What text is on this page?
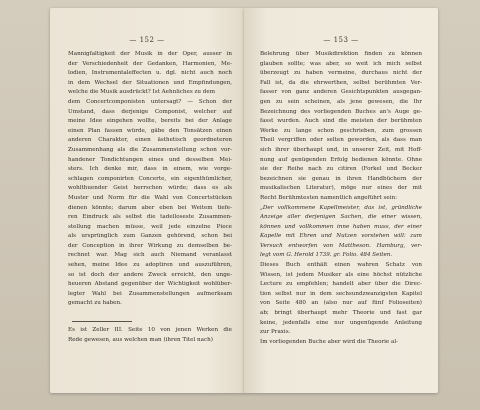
— 152 —
Mannigfaltigkeit der Musik in der Oper, ausser in
der Verschiedenheit der Gedanken, Harmonien, Me-
lodien, Instrumentaleffecten u. dgl. nicht auch noch
in dem Wechsel der Situationen und Empfindungen,
welche die Musik ausdrückt? Ist Aehnliches zu dem
dem Concertcomponisten untersagt? — Schon der
Umstand, dass derjenige Componist, welcher auf
meine Idee eingehen wollte, bereits bei der Anlage
einen Plan fassen würde, gäbe den Tonsätzen einen
anderen Charakter, einen ästhetisch geordneteren
Zusammenhang als die Zusammenstellung schon vor-
handener Tondichtungen eines und desselben Mei-
sters. Ich denke mir, dass in einem, wie vorge-
schlagen componirten Concerte, ein eigenthümlicher,
wohlthuender Geist herrschen würde; dass es als
Muster und Norm für die Wahl von Concertstücken
dienen könnte; darum aber eben bei Weitem tiefe-
ren Eindruck als selbst die tadelloseste Zusammen-
stellung machen müsse, weil jede einzelne Piece
als ursprünglich zum Ganzen gehörend, schon bei
der Conception in ihrer Wirkung zu demselben be-
rechnet war. Mag sich auch Niemand veranlasst
sehen, meine Idee zu adoptiren und auszuführen,
so ist doch der andere Zweck erreicht, den unge-
heueren Abstand gegenüber der Wichtigkeit wohlüber-
legter Wahl bei Zusammenstellungen aufmerksam
gemacht zu haben.
Es ist Zeller III. Seite 10 von jenen Werken die
Rede gewesen, aus welchen man (ihren Titel nach)
— 153 —
Belehrung über Musikdirektion finden zu können
glauben sollte; was aber, so weit ich mich selbst
überzeugt zu haben vermeine, durchaus nicht der
Fall ist, da die ehrwerthen, selbst berühmten Ver-
fasser von ganz anderen Gesichtspunkten ausgegan-
gen zu sein scheinen, als jene gewesen, die Ihr
Bezeichnung des vorliegenden Buches an's Auge ge-
fasst wurden. Auch sind die meisten der berühmten
Werke zu lange schon geschrieben, zum grossen
Theil vergriffen oder selten geworden, als dass man
sich ihrer überhaupt und, in unserer Zeit, mit Hoff-
nung auf genügenden Erfolg bedienen könnte. Ohne
sie der Reihe nach zu citiren (Forkel und Becker
bezeichnen sie genau in ihren Handbüchern der
musikalischen Literatur), möge nur eines der mit
Recht Berühmtesten namentlich angeführt sein:
„Der vollkommene Kapellmeister, das ist, gründliche
Anzeige aller derjenigen Sachen, die einer wissen,
können und vollkommen inne haben muss, der einer
Kapelle mit Ehren und Nutzen vorstehen will: zum
Versuch entworfen von Mattheson. Hamburg, ver-
legt vom G. Herold 1739. gr. Folio. 484 Seiten.
Dieses Buch enthält einen wahren Schatz von
Wissen, ist jedem Musiker als eine höchst nützliche
Lecture zu empfehlen; handelt aber über die Direc-
tion selbst nur in dem sechsundzwanzigsten Kapitel
von Seite 480 an (also nur auf fünf Folioseiten)
ab; bringt überhaupt mehr Theorie und fast gar
keine, jedenfalls eine nur ungenügende Anleitung
zur Praxis.
Im vorliegenden Buche aber wird die Theorie al-
